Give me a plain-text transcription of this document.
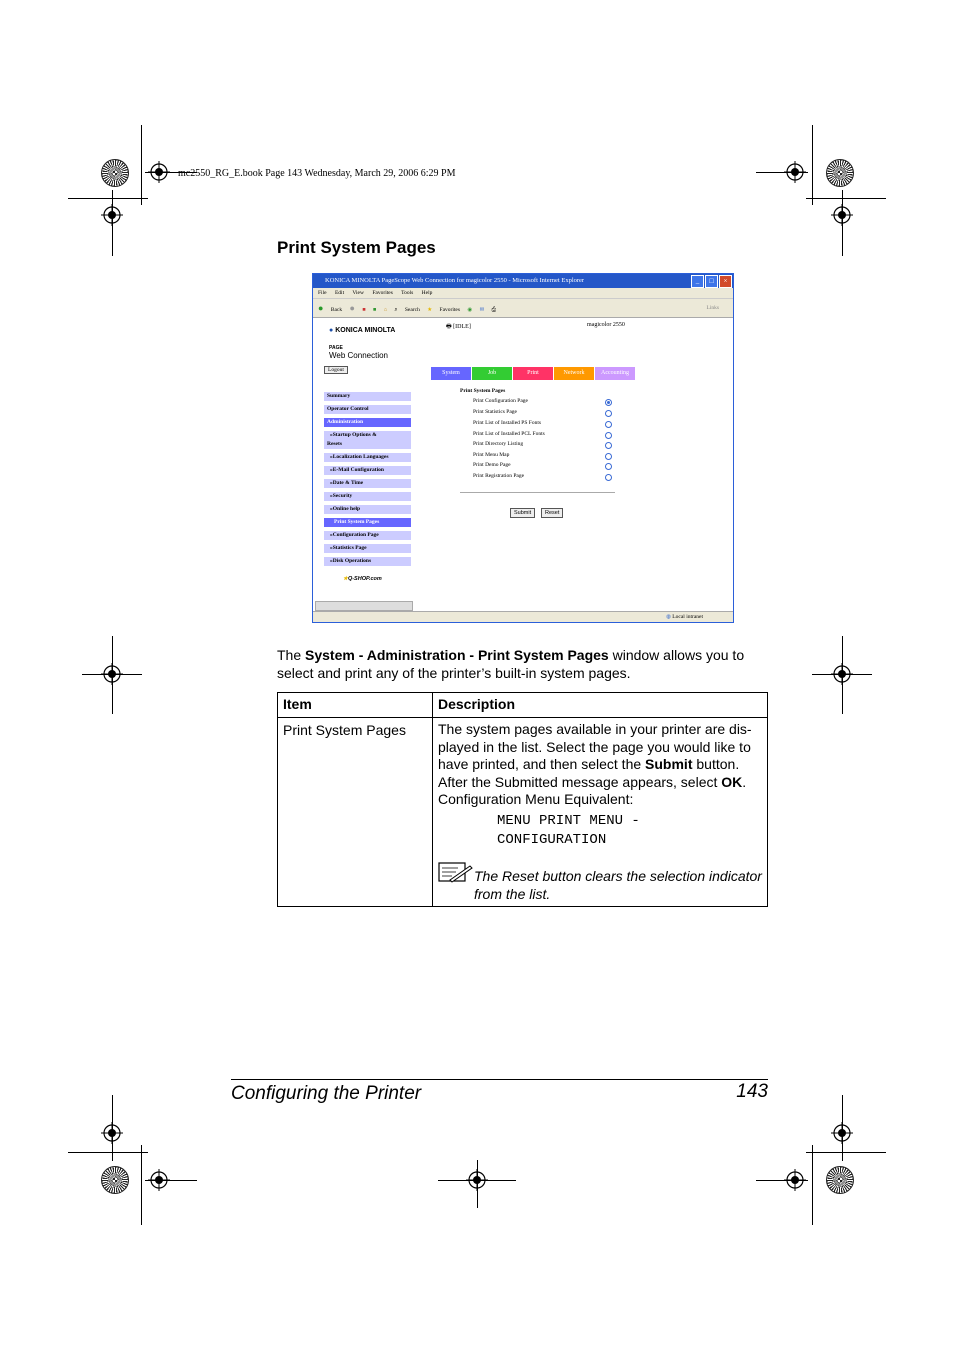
mc2550_RG_E.book Page 143 Wednesday, March 29, 2006 6:29 PM
Print System Pages
KONICA MINOLTA PageScope Web Connection for magicolor 2550 - Microsoft Internet Explorer	_	□	×
File Edit View Favorites Tools Help
● Back ● ■ ■ ⌂ ⌕ Search ★ Favorites ◉ ✉ ⎙	Links
● KONICA MINOLTA
PAGE
Web Connection
Logout
Summary
Operator Control
Administration
»Startup Options &
Resets
»Localization Languages
»E-Mail Configuration
»Date & Time
»Security
»Online help
Print System Pages
»Configuration Page
»Statistics Page
»Disk Operations
★Q-SHOP.com
🖶 [IDLE]	magicolor 2550
System	Job	Print	Network	Accounting
Print System Pages
Print Configuration Page
Print Statistics Page
Print List of Installed PS Fonts
Print List of Installed PCL Fonts
Print Directory Listing
Print Menu Map
Print Demo Page
Print Registration Page
Submit	Reset
◍ Local intranet

The System - Administration - Print System Pages window allows you to select and print any of the printer’s built-in system pages.

Item	Description
Print System Pages	The system pages available in your printer are dis-played in the list. Select the page you would like to have printed, and then select the Submit button. After the Submitted message appears, select OK.
Configuration Menu Equivalent:
MENU PRINT MENU -
CONFIGURATION
The Reset button clears the selection indicator from the list.
Configuring the Printer	143
